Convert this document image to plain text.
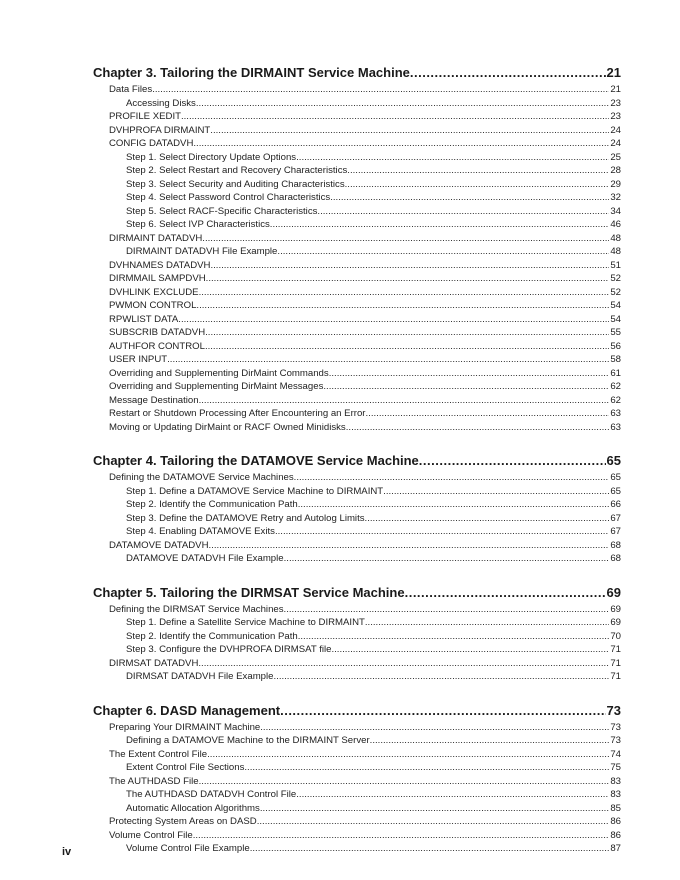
Chapter 3. Tailoring the DIRMAINT Service Machine .....	21
Data Files .....	21
Accessing Disks .....	23
PROFILE XEDIT .....	23
DVHPROFA DIRMAINT .....	24
CONFIG DATADVH .....	24
Step 1. Select Directory Update Options .....	25
Step 2. Select Restart and Recovery Characteristics .....	28
Step 3. Select Security and Auditing Characteristics .....	29
Step 4. Select Password Control Characteristics .....	32
Step 5. Select RACF-Specific Characteristics .....	34
Step 6. Select IVP Characteristics .....	46
DIRMAINT DATADVH .....	48
DIRMAINT DATADVH File Example .....	48
DVHNAMES DATADVH .....	51
DIRMMAIL SAMPDVH .....	52
DVHLINK EXCLUDE .....	52
PWMON CONTROL .....	54
RPWLIST DATA .....	54
SUBSCRIB DATADVH .....	55
AUTHFOR CONTROL .....	56
USER INPUT .....	58
Overriding and Supplementing DirMaint Commands .....	61
Overriding and Supplementing DirMaint Messages .....	62
Message Destination .....	62
Restart or Shutdown Processing After Encountering an Error .....	63
Moving or Updating DirMaint or RACF Owned Minidisks .....	63
Chapter 4. Tailoring the DATAMOVE Service Machine .....	65
Defining the DATAMOVE Service Machines .....	65
Step 1. Define a DATAMOVE Service Machine to DIRMAINT .....	65
Step 2. Identify the Communication Path .....	66
Step 3. Define the DATAMOVE Retry and Autolog Limits .....	67
Step 4. Enabling DATAMOVE Exits .....	67
DATAMOVE DATADVH .....	68
DATAMOVE DATADVH File Example .....	68
Chapter 5. Tailoring the DIRMSAT Service Machine .....	69
Defining the DIRMSAT Service Machines .....	69
Step 1. Define a Satellite Service Machine to DIRMAINT .....	69
Step 2. Identify the Communication Path .....	70
Step 3. Configure the DVHPROFA DIRMSAT file .....	71
DIRMSAT DATADVH .....	71
DIRMSAT DATADVH File Example .....	71
Chapter 6. DASD Management .....	73
Preparing Your DIRMAINT Machine .....	73
Defining a DATAMOVE Machine to the DIRMAINT Server .....	73
The Extent Control File .....	74
Extent Control File Sections .....	75
The AUTHDASD File .....	83
The AUTHDASD DATADVH Control File .....	83
Automatic Allocation Algorithms .....	85
Protecting System Areas on DASD .....	86
Volume Control File .....	86
Volume Control File Example .....	87
iv
